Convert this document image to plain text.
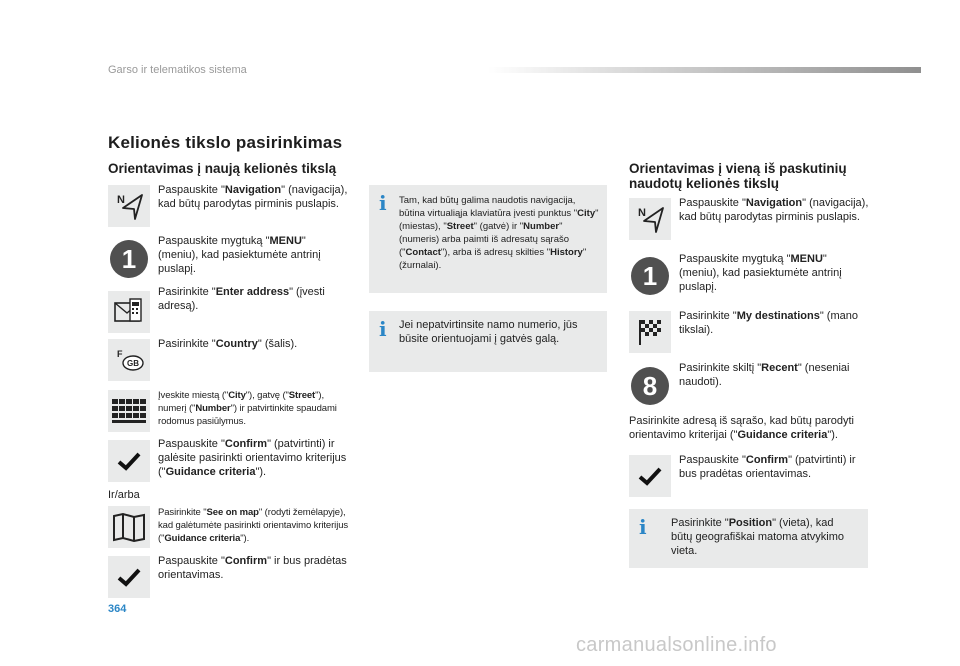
Garso ir telematikos sistema
Kelionės tikslo pasirinkimas
Orientavimas į naują kelionės tikslą
N
Paspauskite "Navigation" (navigacija), kad būtų parodytas pirminis puslapis.
1
Paspauskite mygtuką "MENU" (meniu), kad pasiektumėte antrinį puslapį.
Pasirinkite "Enter address" (įvesti adresą).
F
GB
Pasirinkite "Country" (šalis).
Įveskite miestą ("City"), gatvę ("Street"), numerį ("Number") ir patvirtinkite spaudami rodomus pasiūlymus.
Paspauskite "Confirm" (patvirtinti) ir galėsite pasirinkti orientavimo kriterijus ("Guidance criteria").
Ir/arba
Pasirinkite "See on map" (rodyti žemėlapyje), kad galėtumėte pasirinkti orientavimo kriterijus ("Guidance criteria").
Paspauskite "Confirm" ir bus pradėtas orientavimas.
i Tam, kad būtų galima naudotis navigacija, būtina virtualiąja klaviatūra įvesti punktus "City" (miestas), "Street" (gatvė) ir "Number" (numeris) arba paimti iš adresatų sąrašo ("Contact"), arba iš adresų skilties "History" (žurnalai).
i Jei nepatvirtinsite namo numerio, jūs būsite orientuojami į gatvės galą.
Orientavimas į vieną iš paskutinių
naudotų kelionės tikslų
N
Paspauskite "Navigation" (navigacija), kad būtų parodytas pirminis puslapis.
1
Paspauskite mygtuką "MENU" (meniu), kad pasiektumėte antrinį puslapį.
Pasirinkite "My destinations" (mano tikslai).
8
Pasirinkite skiltį "Recent" (neseniai naudoti).
Pasirinkite adresą iš sąrašo, kad būtų parodyti orientavimo kriterijai ("Guidance criteria").
Paspauskite "Confirm" (patvirtinti) ir bus pradėtas orientavimas.
i Pasirinkite "Position" (vieta), kad būtų geografiškai matoma atvykimo vieta.
364
carmanualsonline.info
